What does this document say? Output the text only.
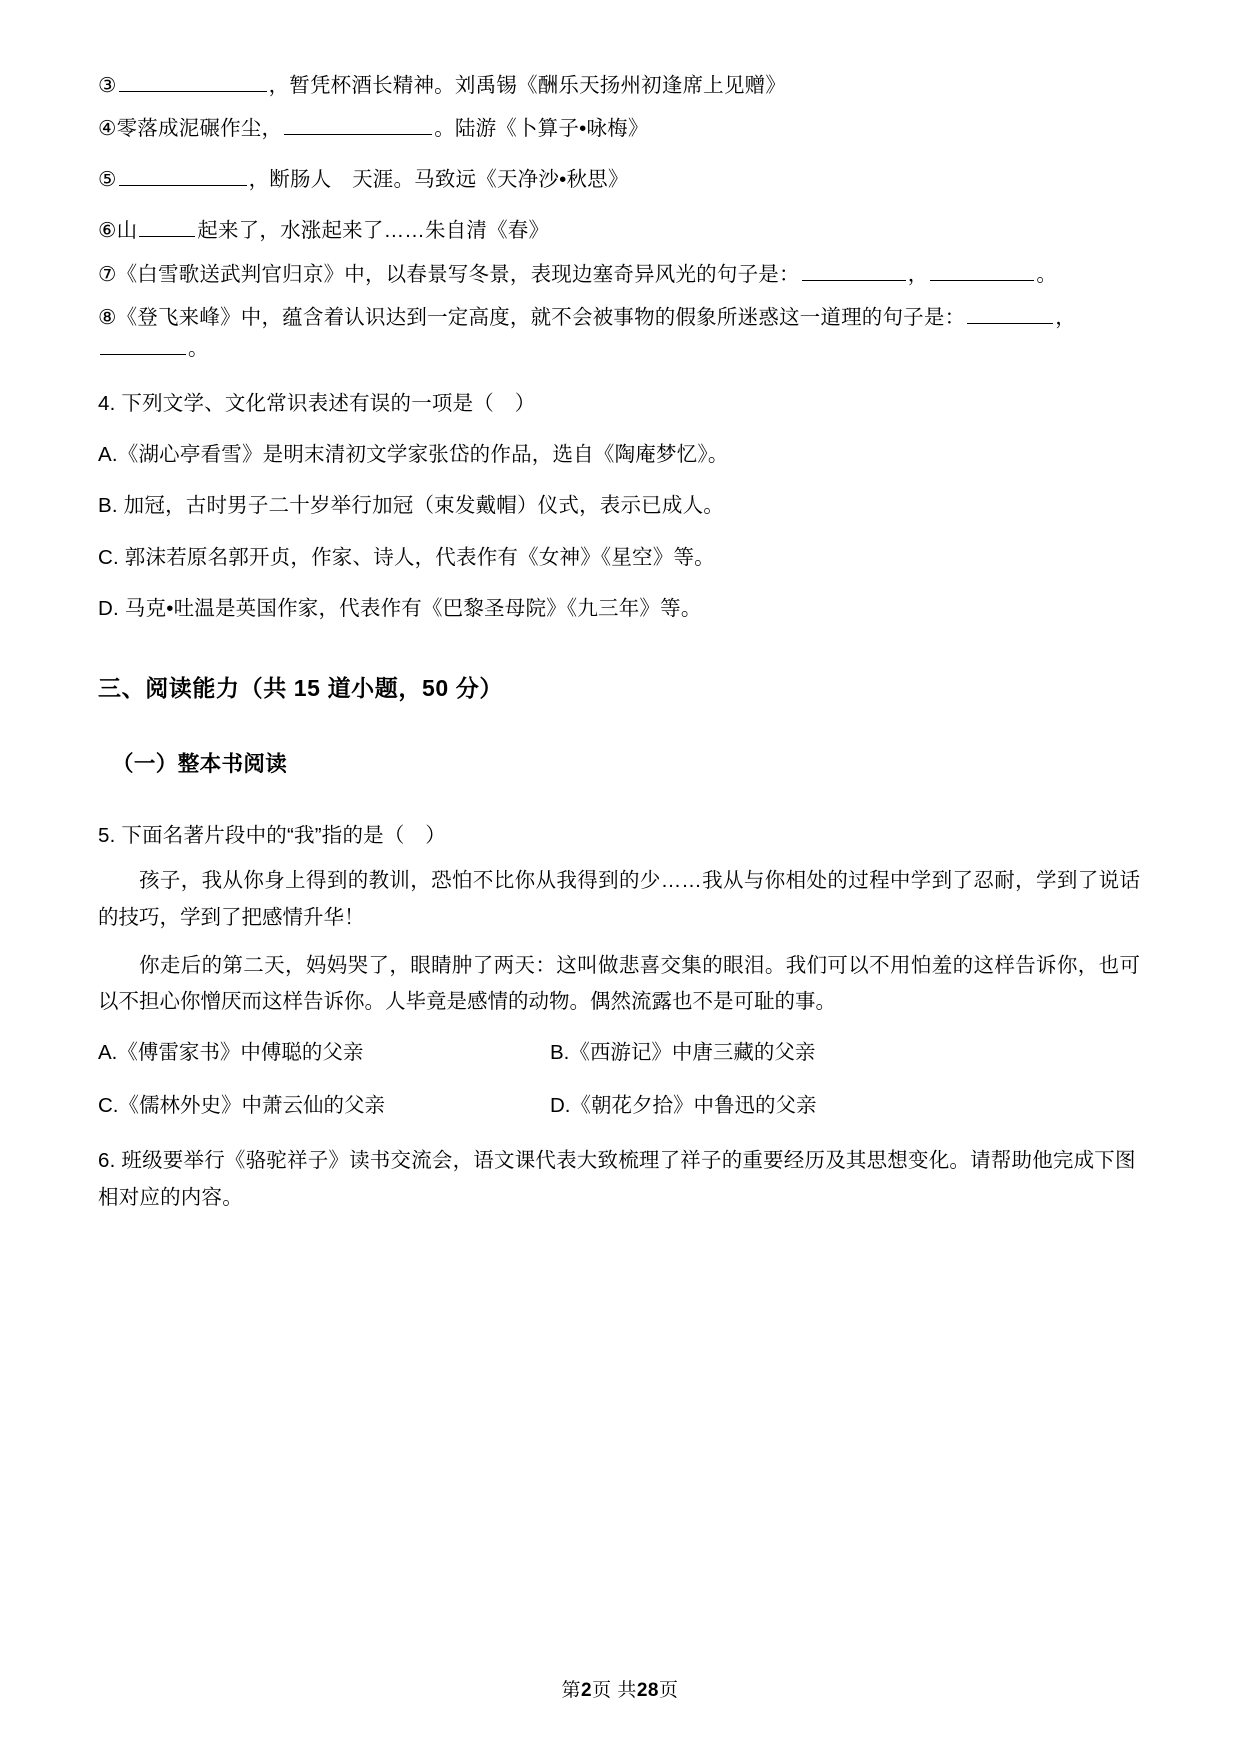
③	，暂凭杯酒长精神。刘禹锡《酬乐天扬州初逢席上见赠》

④零落成泥碾作尘，	。陆游《卜算子•咏梅》

⑤	，断肠人　天涯。马致远《天净沙•秋思》

⑥山	起来了，水涨起来了……朱自清《春》

⑦《白雪歌送武判官归京》中，以春景写冬景，表现边塞奇异风光的句子是：	，	。

⑧《登飞来峰》中，蕴含着认识达到一定高度，就不会被事物的假象所迷惑这一道理的句子是：	，。

4. 下列文学、文化常识表述有误的一项是（　）

A.《湖心亭看雪》是明末清初文学家张岱的作品，选自《陶庵梦忆》。

B. 加冠，古时男子二十岁举行加冠（束发戴帽）仪式，表示已成人。

C. 郭沫若原名郭开贞，作家、诗人，代表作有《女神》《星空》等。

D. 马克•吐温是英国作家，代表作有《巴黎圣母院》《九三年》等。

三、阅读能力（共 15 道小题，50 分）
（一）整本书阅读

5. 下面名著片段中的“我”指的是（　）

孩子，我从你身上得到的教训，恐怕不比你从我得到的少……我从与你相处的过程中学到了忍耐，学到了说话的技巧，学到了把感情升华！

你走后的第二天，妈妈哭了，眼睛肿了两天：这叫做悲喜交集的眼泪。我们可以不用怕羞的这样告诉你，也可以不担心你憎厌而这样告诉你。人毕竟是感情的动物。偶然流露也不是可耻的事。

A.《傅雷家书》中傅聪的父亲	B.《西游记》中唐三藏的父亲
C.《儒林外史》中萧云仙的父亲	D.《朝花夕拾》中鲁迅的父亲

6. 班级要举行《骆驼祥子》读书交流会，语文课代表大致梳理了祥子的重要经历及其思想变化。请帮助他完成下图相对应的内容。

第2页 共28页
